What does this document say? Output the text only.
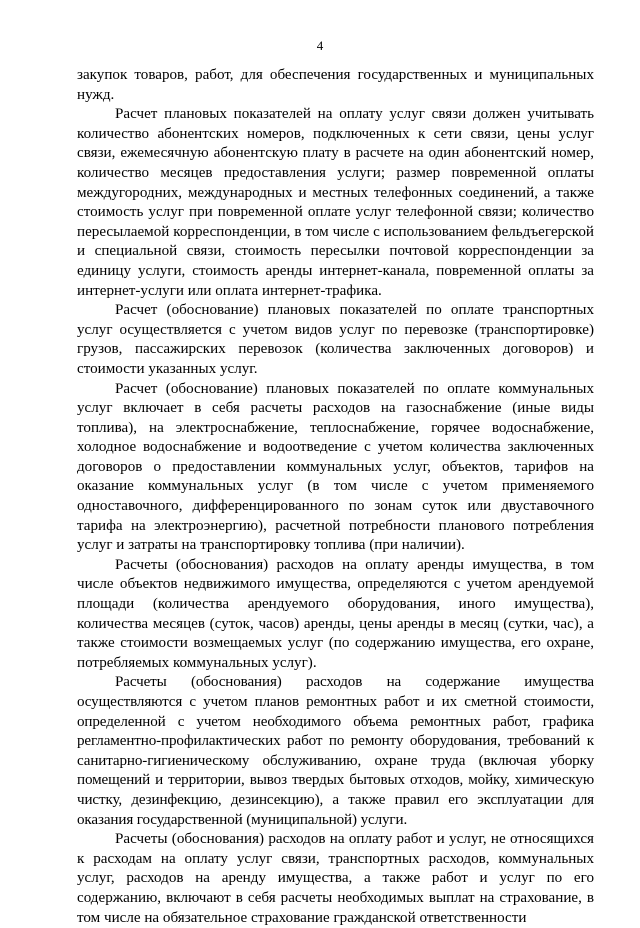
4

закупок товаров, работ, для обеспечения государственных и муниципальных нужд.

Расчет плановых показателей на оплату услуг связи должен учитывать количество абонентских номеров, подключенных к сети связи, цены услуг связи, ежемесячную абонентскую плату в расчете на один абонентский номер, количество месяцев предоставления услуги; размер повременной оплаты междугородних, международных и местных телефонных соединений, а также стоимость услуг при повременной оплате услуг телефонной связи; количество пересылаемой корреспонденции, в том числе с использованием фельдъегерской и специальной связи, стоимость пересылки почтовой корреспонденции за единицу услуги, стоимость аренды интернет-канала, повременной оплаты за интернет-услуги или оплата интернет-трафика.

Расчет (обоснование) плановых показателей по оплате транспортных услуг осуществляется с учетом видов услуг по перевозке (транспортировке) грузов, пассажирских перевозок (количества заключенных договоров) и стоимости указанных услуг.

Расчет (обоснование) плановых показателей по оплате коммунальных услуг включает в себя расчеты расходов на газоснабжение (иные виды топлива), на электроснабжение, теплоснабжение, горячее водоснабжение, холодное водоснабжение и водоотведение с учетом количества заключенных договоров о предоставлении коммунальных услуг, объектов, тарифов на оказание коммунальных услуг (в том числе с учетом применяемого одноставочного, дифференцированного по зонам суток или двуставочного тарифа на электроэнергию), расчетной потребности планового потребления услуг и затраты на транспортировку топлива (при наличии).

Расчеты (обоснования) расходов на оплату аренды имущества, в том числе объектов недвижимого имущества, определяются с учетом арендуемой площади (количества арендуемого оборудования, иного имущества), количества месяцев (суток, часов) аренды, цены аренды в месяц (сутки, час), а также стоимости возмещаемых услуг (по содержанию имущества, его охране, потребляемых коммунальных услуг).

Расчеты (обоснования) расходов на содержание имущества осуществляются с учетом планов ремонтных работ и их сметной стоимости, определенной с учетом необходимого объема ремонтных работ, графика регламентно-профилактических работ по ремонту оборудования, требований к санитарно-гигиеническому обслуживанию, охране труда (включая уборку помещений и территории, вывоз твердых бытовых отходов, мойку, химическую чистку, дезинфекцию, дезинсекцию), а также правил его эксплуатации для оказания государственной (муниципальной) услуги.

Расчеты (обоснования) расходов на оплату работ и услуг, не относящихся к расходам на оплату услуг связи, транспортных расходов, коммунальных услуг, расходов на аренду имущества, а также работ и услуг по его содержанию, включают в себя расчеты необходимых выплат на страхование, в том числе на обязательное страхование гражданской ответственности
